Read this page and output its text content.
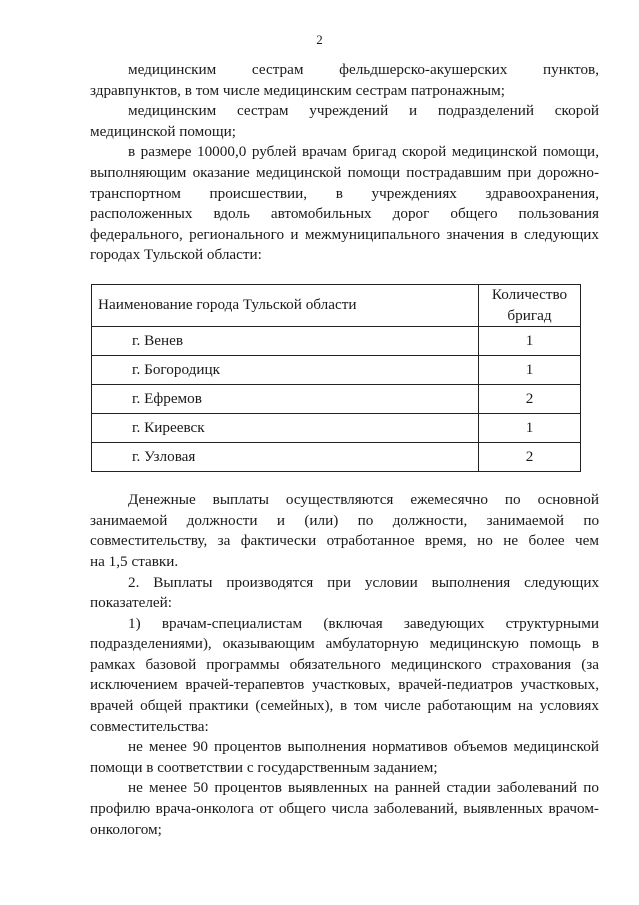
2
медицинским сестрам фельдшерско-акушерских пунктов,
здравпунктов, в том числе медицинским сестрам патронажным;
медицинским сестрам учреждений и подразделений скорой
медицинской помощи;
в размере 10000,0 рублей врачам бригад скорой медицинской помощи,
выполняющим оказание медицинской помощи пострадавшим при дорожно-
транспортном происшествии, в учреждениях здравоохранения,
расположенных вдоль автомобильных дорог общего пользования
федерального, регионального и межмуниципального значения в следующих
городах Тульской области:
Наименование города Тульской области	Количество бригад
г. Венев	1
г. Богородицк	1
г. Ефремов	2
г. Киреевск	1
г. Узловая	2
Денежные выплаты осуществляются ежемесячно по основной
занимаемой должности и (или) по должности, занимаемой по
совместительству, за фактически отработанное время, но не более чем
на 1,5 ставки.
2. Выплаты производятся при условии выполнения следующих
показателей:
1) врачам-специалистам (включая заведующих структурными
подразделениями), оказывающим амбулаторную медицинскую помощь в
рамках базовой программы обязательного медицинского страхования (за
исключением врачей-терапевтов участковых, врачей-педиатров участковых,
врачей общей практики (семейных), в том числе работающим на условиях
совместительства:
не менее 90 процентов выполнения нормативов объемов медицинской
помощи в соответствии с государственным заданием;
не менее 50 процентов выявленных на ранней стадии заболеваний по
профилю врача-онколога от общего числа заболеваний, выявленных врачом-
онкологом;
